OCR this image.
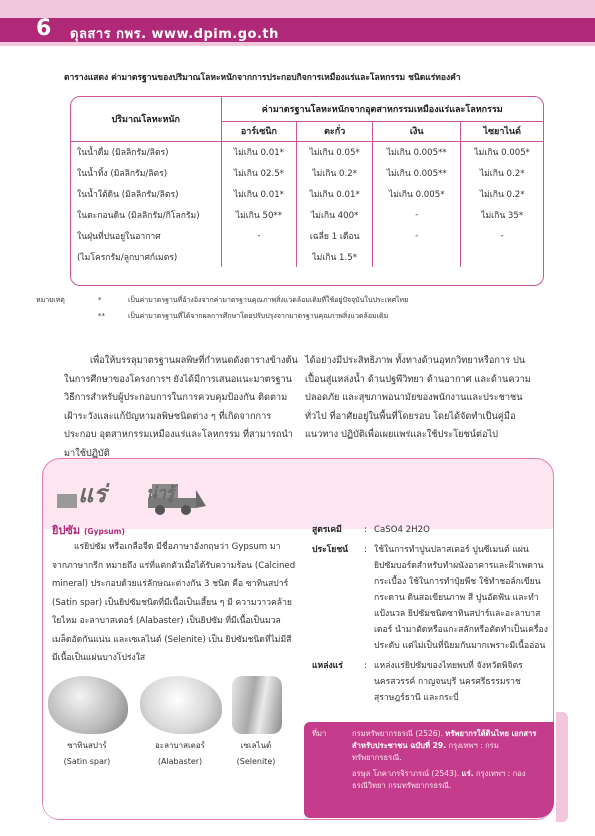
6 ดุลสาร กพร. www.dpim.go.th
ตารางแสดง ค่ามาตรฐานของปริมาณโลหะหนักจากการประกอบกิจการเหมืองแร่และโลหกรรม ชนิดแร่ทองคำ
ปริมาณโลหะหนัก	ค่ามาตรฐานโลหะหนักจากอุตสาหกรรมเหมืองแร่และโลหกรรม			
	อาร์เซนิก	ตะกั่ว	เงิน	ไซยาไนด์
ในน้ำดื่ม (มิลลิกรัม/ลิตร)	ไม่เกิน 0.01*	ไม่เกิน 0.05*	ไม่เกิน 0.005**	ไม่เกิน 0.005*
ในน้ำทิ้ง (มิลลิกรัม/ลิตร)	ไม่เกิน 02.5*	ไม่เกิน 0.2*	ไม่เกิน 0.005**	ไม่เกิน 0.2*
ในน้ำใต้ดิน (มิลลิกรัม/ลิตร)	ไม่เกิน 0.01*	ไม่เกิน 0.01*	ไม่เกิน 0.005*	ไม่เกิน 0.2*
ในตะกอนดิน (มิลลิกรัม/กิโลกรัม)	ไม่เกิน 50**	ไม่เกิน 400*	-	ไม่เกิน 35*
ในฝุ่นที่ปนอยู่ในอากาศ	-	เฉลี่ย 1 เดือน	-	-
(ไมโครกรัม/ลูกบาศก์เมตร)		ไม่เกิน 1.5*		
หมายเหตุ	*	เป็นค่ามาตรฐานที่อ้างอิงจากค่ามาตรฐานคุณภาพสิ่งแวดล้อมเดิมที่ใช้อยู่ปัจจุบันในประเทศไทย
**	เป็นค่ามาตรฐานที่ได้จากผลการศึกษาโดยปรับปรุงจากมาตรฐานคุณภาพสิ่งแวดล้อมเดิม

เพื่อให้บรรลุมาตรฐานผลพิษที่กำหนดดังตารางข้างต้น ในการศึกษาของโครงการฯ ยังได้มีการเสนอแนะมาตรฐาน วิธีการสำหรับผู้ประกอบการในการควบคุมป้องกัน ติดตาม เฝ้าระวังและแก้ปัญหามลพิษชนิดต่าง ๆ ที่เกิดจากการประกอบ อุตสาหกรรมเหมืองแร่และโลหกรรม ที่สามารถนำมาใช้ปฏิบัติ

ได้อย่างมีประสิทธิภาพ ทั้งทางด้านอุทกวิทยาหรือการ ปนเปื้อนสู่แหล่งน้ำ ด้านปฐพีวิทยา ด้านอากาศ และด้านความ ปลอดภัย และสุขภาพอนามัยของพนักงานและประชาชนทั่วไป ที่อาศัยอยู่ในพื้นที่โดยรอบ โดยได้จัดทำเป็นคู่มือแนวทาง ปฏิบัติเพื่อเผยแพร่และใช้ประโยชน์ต่อไป

แร่ น่ารู้
ยิปซัม (Gypsum)

แร่ยิปซัม หรือเกลือจืด มีชื่อภาษาอังกฤษว่า Gypsum มา จากภาษากรีก หมายถึง แร่ที่แตกตัวเมื่อได้รับความร้อน (Calcined mineral) ประกอบด้วยแร่ลักษณะต่างกัน 3 ชนิด คือ ซาทินสปาร์ (Satin spar) เป็นยิปซัมชนิดที่มีเนื้อเป็นเสี้ยน ๆ มี ความวาวคล้ายใยไหม อะลาบาสเตอร์ (Alabaster) เป็นยิปซัม ที่มีเนื้อเป็นมวล เมล็ดอัดกันแน่น และเซเลไนต์ (Selenite) เป็น ยิปซัมชนิดที่ไม่มีสี มีเนื้อเป็นแผ่นบางโปร่งใส

สูตรเคมี	: CaSO4 2H2O
ประโยชน์	: ใช้ในการทำปูนปลาสเตอร์ ปูนซีเมนต์ แผ่นยิปซัมบอร์ดสำหรับทำผนังอาคารและฝ้าเพดาน กระเบื้อง ใช้ในการทำปุ๋ยพืช ใช้ทำชอล์กเขียนกระดาน ดินสอเขียนภาพ สี ปูนอัดฟัน และทำแป้งนวล ยิปซัมชนิดซาทินสปาร์และอะลาบาสเตอร์ นำมาตัดหรือแกะสลักหรือตัดทำเป็นเครื่องประดับ แต่ไม่เป็นที่นิยมกันมากเพราะมีเนื้ออ่อน
แหล่งแร่	: แหล่งแร่ยิปซัมของไทยพบที่ จังหวัดพิจิตร นครสวรรค์ กาญจนบุรี นครศรีธรรมราช สุราษฎร์ธานี และกระบี่
ซาทินสปาร์
(Satin spar)
อะลาบาสเตอร์
(Alabaster)
เซเลไนต์
(Selenite)
ที่มา	กรมทรัพยากรธรณี (2526). ทรัพยากรใต้ดินไทย เอกสารสำหรับประชาชน ฉบับที่ 29. กรุงเทพฯ : กรมทรัพยากรธรณี.
อรษุล โภคาภรจิราภรณ์ (2543). แร่. กรุงเทพฯ : กองธรณีวิทยา กรมทรัพยากรธรณี.
